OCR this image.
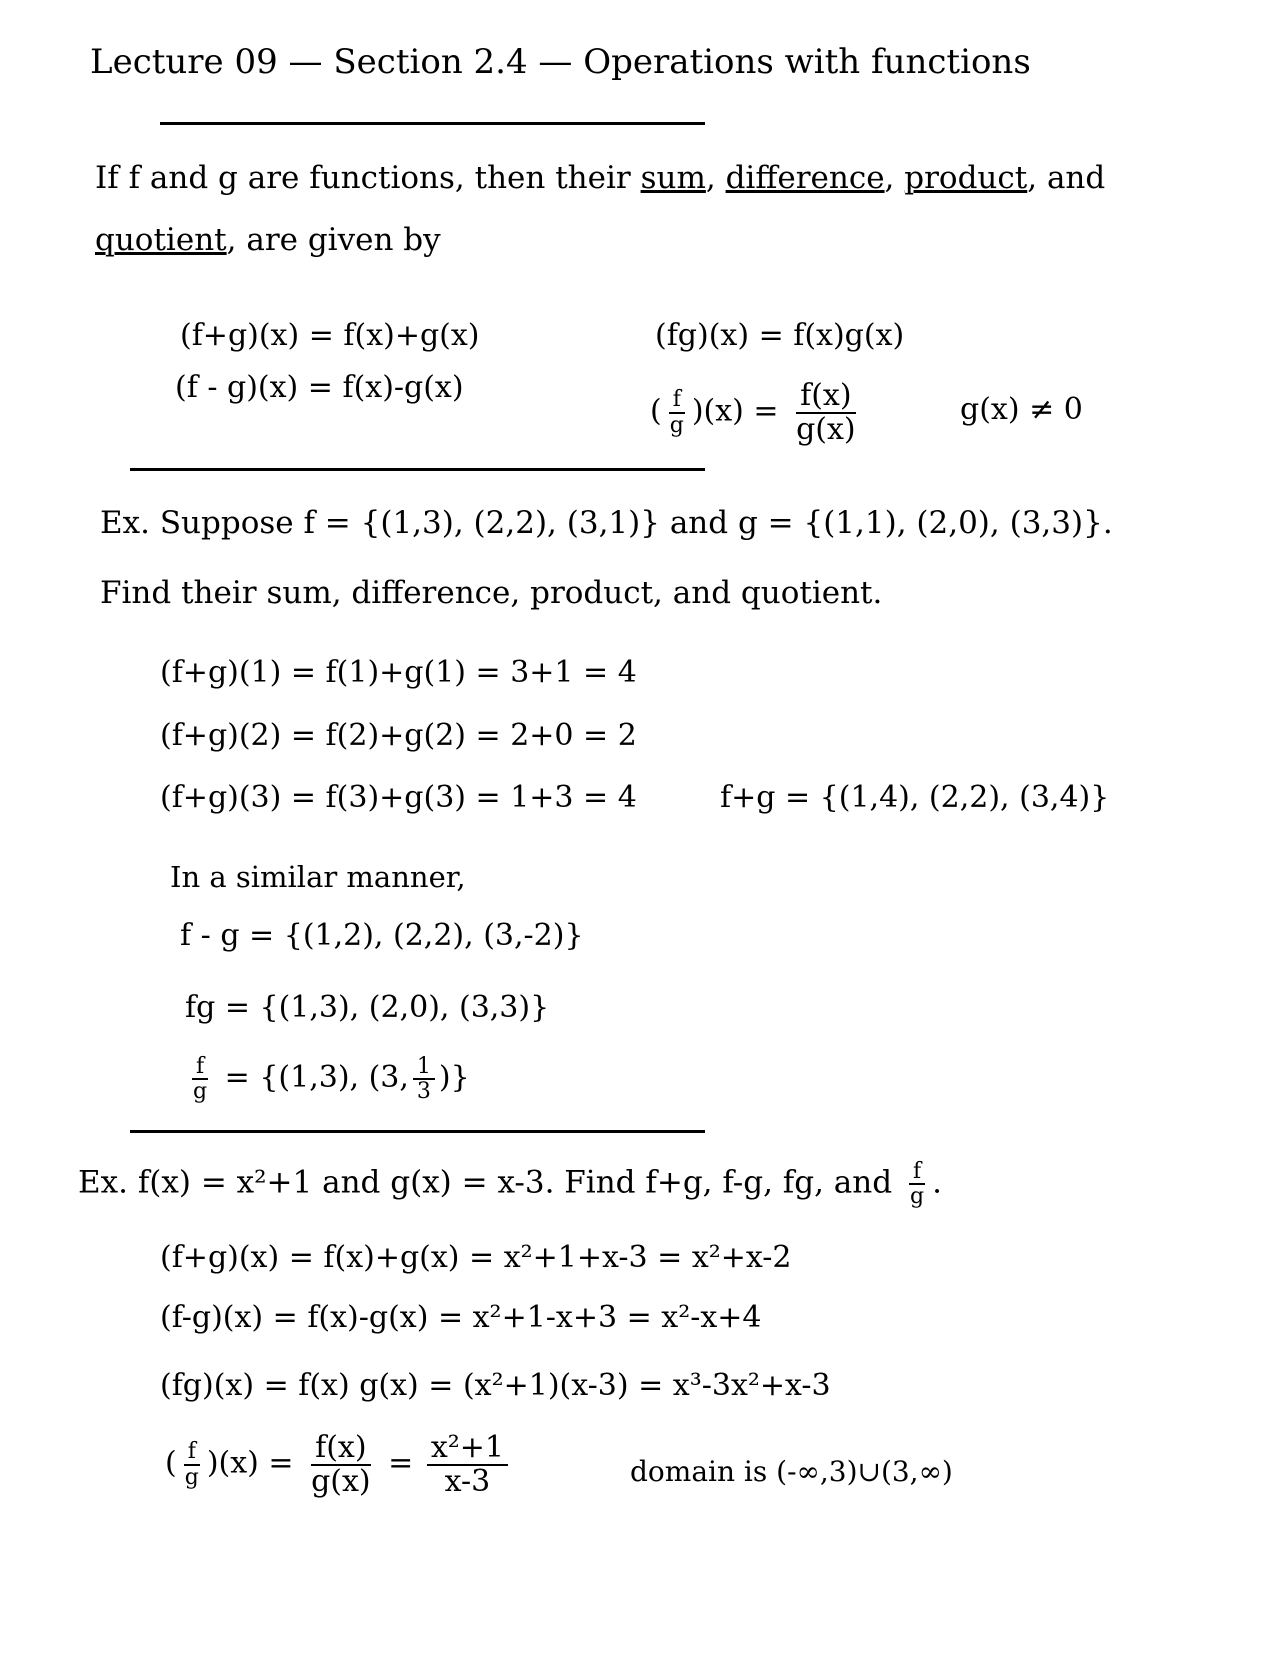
Lecture 09 — Section 2.4 — Operations with functions
If f and g are functions, then their sum, difference, product, and
quotient, are given by
(f+g)(x) = f(x)+g(x)
(f - g)(x) = f(x)-g(x)
(fg)(x) = f(x)g(x)
( $\frac{f}{g} )(x) = \frac{f(x)}{g(x)}$	g(x) ≠ 0
Ex. Suppose f = {(1,3), (2,2), (3,1)} and g = {(1,1), (2,0), (3,3)}.
Find their sum, difference, product, and quotient.
(f+g)(1) = f(1)+g(1) = 3+1 = 4
(f+g)(2) = f(2)+g(2) = 2+0 = 2
(f+g)(3) = f(3)+g(3) = 1+3 = 4	f+g = {(1,4), (2,2), (3,4)}
In a similar manner,
f - g = {(1,2), (2,2), (3,-2)}
fg = {(1,3), (2,0), (3,3)}
$\frac{f}{g} = \{(1,3)$, (3, $\frac{1}{3}$ )}
Ex. f(x) = x²+1 and g(x) = x-3. Find f+g, f-g, fg, and $\frac{f}{g}$ .
(f+g)(x) = f(x)+g(x) = x²+1+x-3 = x²+x-2
(f-g)(x) = f(x)-g(x) = x²+1-x+3 = x²-x+4
(fg)(x) = f(x) g(x) = (x²+1)(x-3) = x³-3x²+x-3
( $\frac{f}{g} )(x) = \frac{f(x)}{g(x)} = \frac{\text{x²+1}}{x-3}$	domain is (-∞,3)∪(3,∞)
